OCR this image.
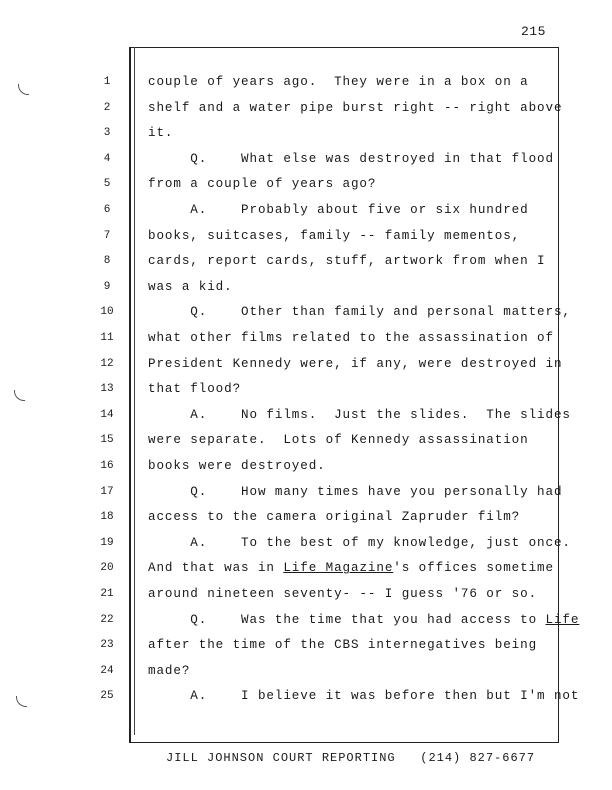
215
1	couple of years ago.  They were in a box on a
2	shelf and a water pipe burst right -- right above
3	it.
4	Q.    What else was destroyed in that flood
5	from a couple of years ago?
6	A.    Probably about five or six hundred
7	books, suitcases, family -- family mementos,
8	cards, report cards, stuff, artwork from when I
9	was a kid.
10	Q.    Other than family and personal matters,
11	what other films related to the assassination of
12	President Kennedy were, if any, were destroyed in
13	that flood?
14	A.    No films.  Just the slides.  The slides
15	were separate.  Lots of Kennedy assassination
16	books were destroyed.
17	Q.    How many times have you personally had
18	access to the camera original Zapruder film?
19	A.    To the best of my knowledge, just once.
20	And that was in Life Magazine's offices sometime
21	around nineteen seventy- -- I guess '76 or so.
22	Q.    Was the time that you had access to Life
23	after the time of the CBS internegatives being
24	made?
25	A.    I believe it was before then but I'm not
JILL JOHNSON COURT REPORTING   (214) 827-6677
